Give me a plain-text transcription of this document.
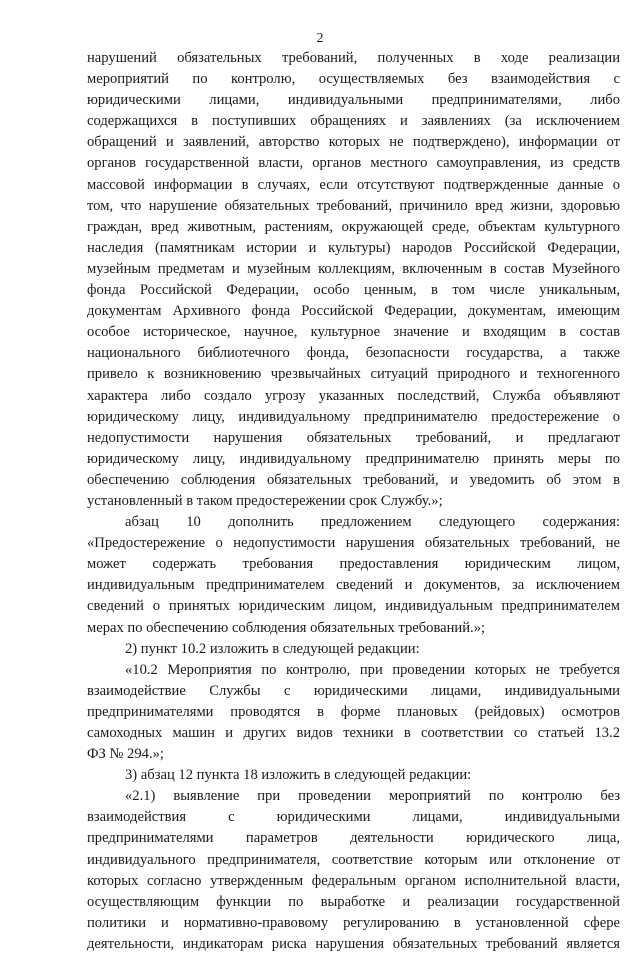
2

нарушений обязательных требований, полученных в ходе реализации

мероприятий по контролю, осуществляемых без взаимодействия с

юридическими лицами, индивидуальными предпринимателями, либо

содержащихся в поступивших обращениях и заявлениях (за исключением

обращений и заявлений, авторство которых не подтверждено), информации от

органов государственной власти, органов местного самоуправления, из средств

массовой информации в случаях, если отсутствуют подтвержденные данные о

том, что нарушение обязательных требований, причинило вред жизни, здоровью

граждан, вред животным, растениям, окружающей среде, объектам культурного

наследия (памятникам истории и культуры) народов Российской Федерации,

музейным предметам и музейным коллекциям, включенным в состав Музейного

фонда Российской Федерации, особо ценным, в том числе уникальным,

документам Архивного фонда Российской Федерации, документам, имеющим

особое историческое, научное, культурное значение и входящим в состав

национального библиотечного фонда, безопасности государства, а также

привело к возникновению чрезвычайных ситуаций природного и техногенного

характера либо создало угрозу указанных последствий, Служба объявляют

юридическому лицу, индивидуальному предпринимателю предостережение о

недопустимости нарушения обязательных требований, и предлагают

юридическому лицу, индивидуальному предпринимателю принять меры по

обеспечению соблюдения обязательных требований, и уведомить об этом в

установленный в таком предостережении срок Службу.»;

абзац 10 дополнить предложением следующего содержания:

«Предостережение о недопустимости нарушения обязательных требований, не

может содержать требования предоставления юридическим лицом,

индивидуальным предпринимателем сведений и документов, за исключением

сведений о принятых юридическим лицом, индивидуальным предпринимателем

мерах по обеспечению соблюдения обязательных требований.»;

2) пункт 10.2 изложить в следующей редакции:

«10.2 Мероприятия по контролю, при проведении которых не требуется

взаимодействие Службы с юридическими лицами, индивидуальными

предпринимателями проводятся в форме плановых (рейдовых) осмотров

самоходных машин и других видов техники в соответствии со статьей 13.2

ФЗ № 294.»;

3) абзац 12 пункта 18 изложить в следующей редакции:

«2.1) выявление при проведении мероприятий по контролю без

взаимодействия с юридическими лицами, индивидуальными

предпринимателями параметров деятельности юридического лица,

индивидуального предпринимателя, соответствие которым или отклонение от

которых согласно утвержденным федеральным органом исполнительной власти,

осуществляющим функции по выработке и реализации государственной

политики и нормативно-правовому регулированию в установленной сфере

деятельности, индикаторам риска нарушения обязательных требований является
